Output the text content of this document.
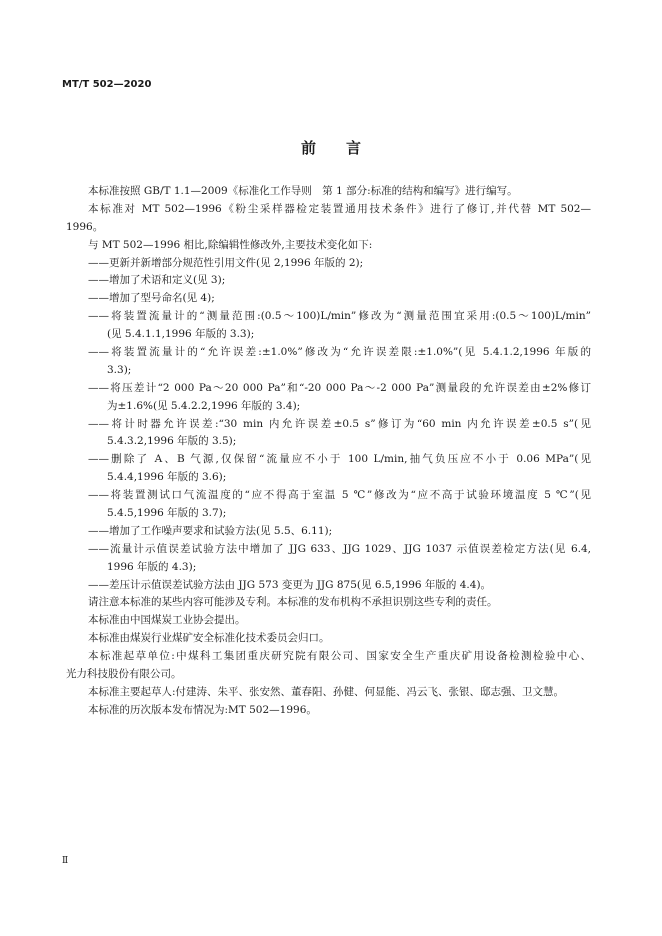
MT/T 502—2020
前　言
本标准按照 GB/T 1.1—2009《标准化工作导则　第 1 部分:标准的结构和编写》进行编写。
本标准对 MT 502—1996《粉尘采样器检定装置通用技术条件》进行了修订,并代替 MT 502—
1996。
与 MT 502—1996 相比,除编辑性修改外,主要技术变化如下:
——更新并新增部分规范性引用文件(见 2,1996 年版的 2);
——增加了术语和定义(见 3);
——增加了型号命名(见 4);
——将装置流量计的“测量范围:(0.5～100)L/min”修改为“测量范围宜采用:(0.5～100)L/min”
(见 5.4.1.1,1996 年版的 3.3);
——将装置流量计的“允许误差:±1.0%”修改为“允许误差限:±1.0%”(见 5.4.1.2,1996 年版的
3.3);
——将压差计“2 000 Pa～20 000 Pa”和“-20 000 Pa～-2 000 Pa”测量段的允许误差由±2%修订
为±1.6%(见 5.4.2.2,1996 年版的 3.4);
——将计时器允许误差:“30 min 内允许误差±0.5 s”修订为“60 min 内允许误差±0.5 s”(见
5.4.3.2,1996 年版的 3.5);
——删除了 A、B 气源,仅保留“流量应不小于 100 L/min,抽气负压应不小于 0.06 MPa”(见
5.4.4,1996 年版的 3.6);
——将装置测试口气流温度的“应不得高于室温 5 ℃”修改为“应不高于试验环境温度 5 ℃”(见
5.4.5,1996 年版的 3.7);
——增加了工作噪声要求和试验方法(见 5.5、6.11);
——流量计示值误差试验方法中增加了 JJG 633、JJG 1029、JJG 1037 示值误差检定方法(见 6.4,
1996 年版的 4.3);
——差压计示值误差试验方法由 JJG 573 变更为 JJG 875(见 6.5,1996 年版的 4.4)。
请注意本标准的某些内容可能涉及专利。本标准的发布机构不承担识别这些专利的责任。
本标准由中国煤炭工业协会提出。
本标准由煤炭行业煤矿安全标准化技术委员会归口。
本标准起草单位:中煤科工集团重庆研究院有限公司、国家安全生产重庆矿用设备检测检验中心、
光力科技股份有限公司。
本标准主要起草人:付建涛、朱平、张安然、董春阳、孙健、何显能、冯云飞、张银、邸志强、卫文慧。
本标准的历次版本发布情况为:MT 502—1996。
Ⅱ
